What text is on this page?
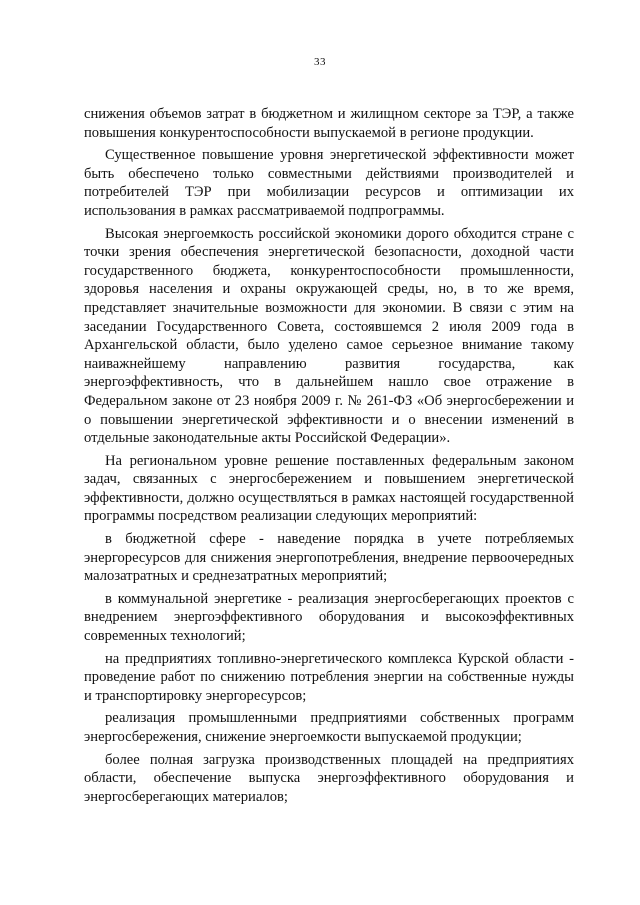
33

снижения объемов затрат в бюджетном и жилищном секторе за ТЭР, а также повышения конкурентоспособности выпускаемой в регионе продукции.

Существенное повышение уровня энергетической эффективности может быть обеспечено только совместными действиями производителей и потребителей ТЭР при мобилизации ресурсов и оптимизации их использования в рамках рассматриваемой подпрограммы.

Высокая энергоемкость российской экономики дорого обходится стране с точки зрения обеспечения энергетической безопасности, доходной части государственного бюджета, конкурентоспособности промышленности, здоровья населения и охраны окружающей среды, но, в то же время, представляет значительные возможности для экономии. В связи с этим на заседании Государственного Совета, состоявшемся 2 июля 2009 года в Архангельской области, было уделено самое серьезное внимание такому наиважнейшему направлению развития государства, как энергоэффективность, что в дальнейшем нашло свое отражение в Федеральном законе от 23 ноября 2009 г. № 261-ФЗ «Об энергосбережении и о повышении энергетической эффективности и о внесении изменений в отдельные законодательные акты Российской Федерации».

На региональном уровне решение поставленных федеральным законом задач, связанных с энергосбережением и повышением энергетической эффективности, должно осуществляться в рамках настоящей государственной программы посредством реализации следующих мероприятий:

в бюджетной сфере - наведение порядка в учете потребляемых энергоресурсов для снижения энергопотребления, внедрение первоочередных малозатратных и среднезатратных мероприятий;

в коммунальной энергетике - реализация энергосберегающих проектов с внедрением энергоэффективного оборудования и высокоэффективных современных технологий;

на предприятиях топливно-энергетического комплекса Курской области - проведение работ по снижению потребления энергии на собственные нужды и транспортировку энергоресурсов;

реализация промышленными предприятиями собственных программ энергосбережения, снижение энергоемкости выпускаемой продукции;

более полная загрузка производственных площадей на предприятиях области, обеспечение выпуска энергоэффективного оборудования и энергосберегающих материалов;
